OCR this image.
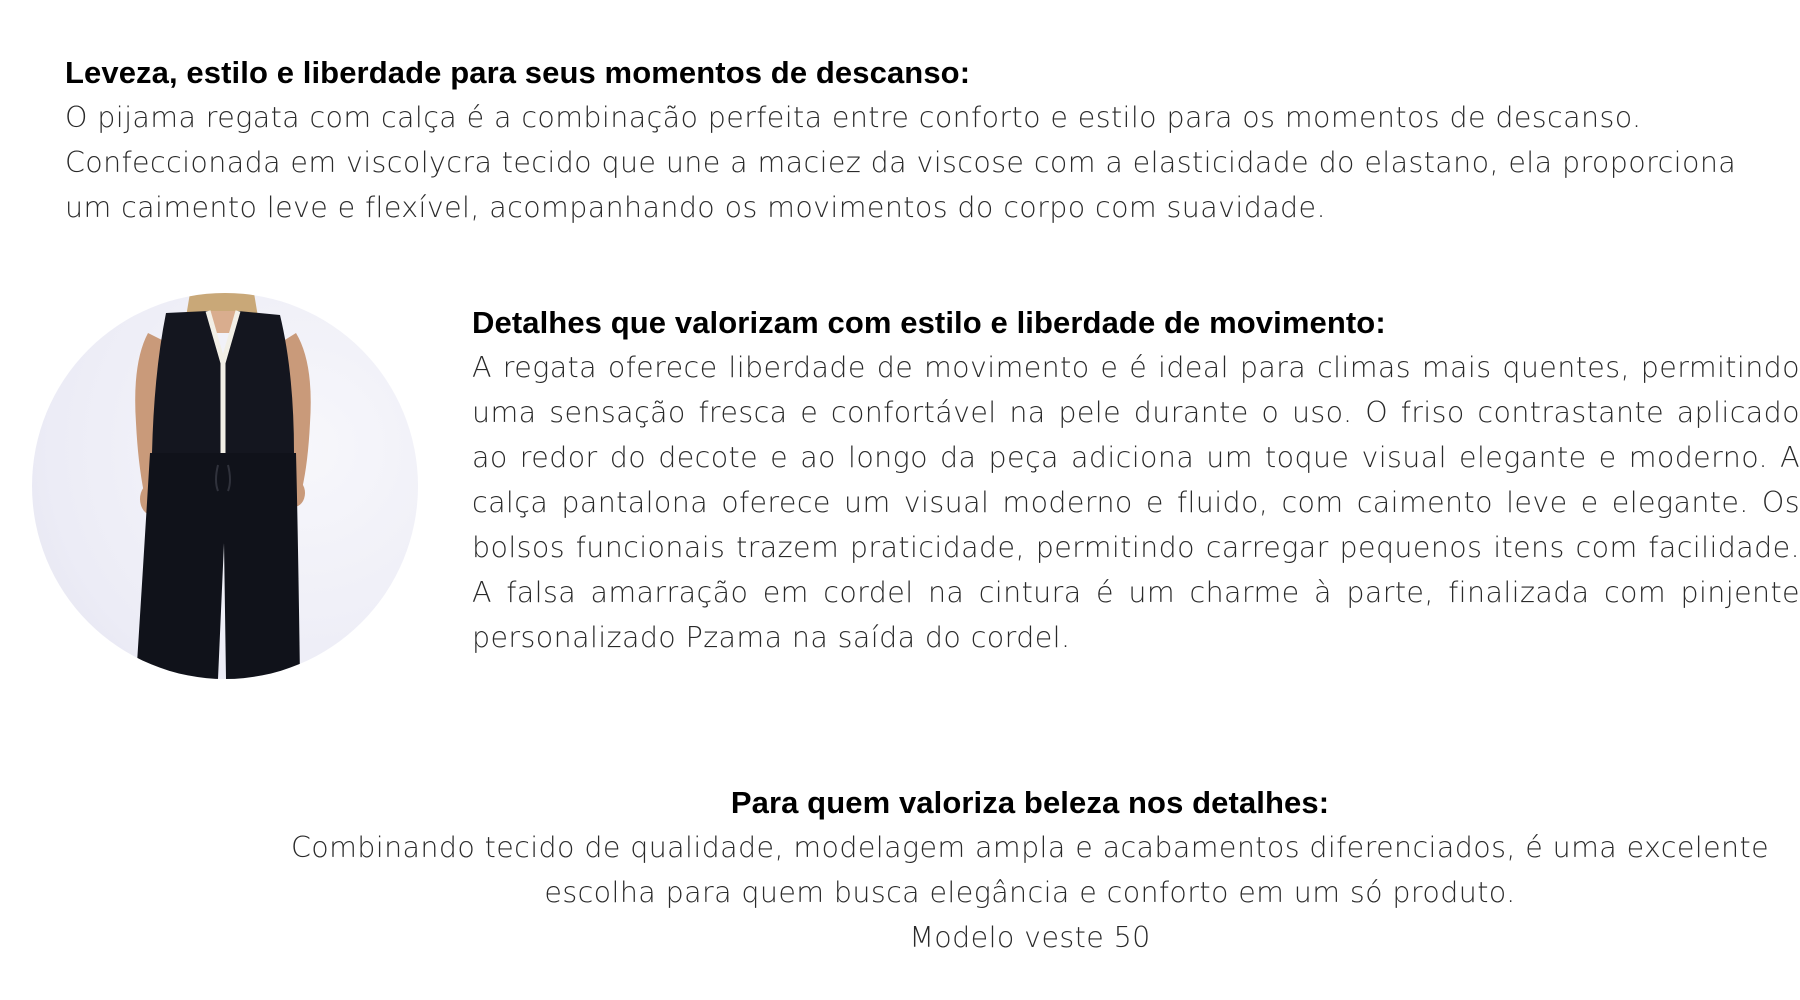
Leveza, estilo e liberdade para seus momentos de descanso:
O pijama regata com calça é a combinação perfeita entre conforto e estilo para os momentos de descanso. Confeccionada em viscolycra tecido que une a maciez da viscose com a elasticidade do elastano, ela proporciona um caimento leve e flexível, acompanhando os movimentos do corpo com suavidade.
Detalhes que valorizam com estilo e liberdade de movimento:
A regata oferece liberdade de movimento e é ideal para climas mais quentes, permitindo uma sensação fresca e confortável na pele durante o uso. O friso contrastante aplicado ao redor do decote e ao longo da peça adiciona um toque visual elegante e moderno. A calça pantalona oferece um visual moderno e fluido, com caimento leve e elegante. Os bolsos funcionais trazem praticidade, permitindo carregar pequenos itens com facilidade. A falsa amarração em cordel na cintura é um charme à parte, finalizada com pinjente personalizado Pzama na saída do cordel.
Para quem valoriza beleza nos detalhes:
Combinando tecido de qualidade, modelagem ampla e acabamentos diferenciados, é uma excelente escolha para quem busca elegância e conforto em um só produto.
Modelo veste 50
